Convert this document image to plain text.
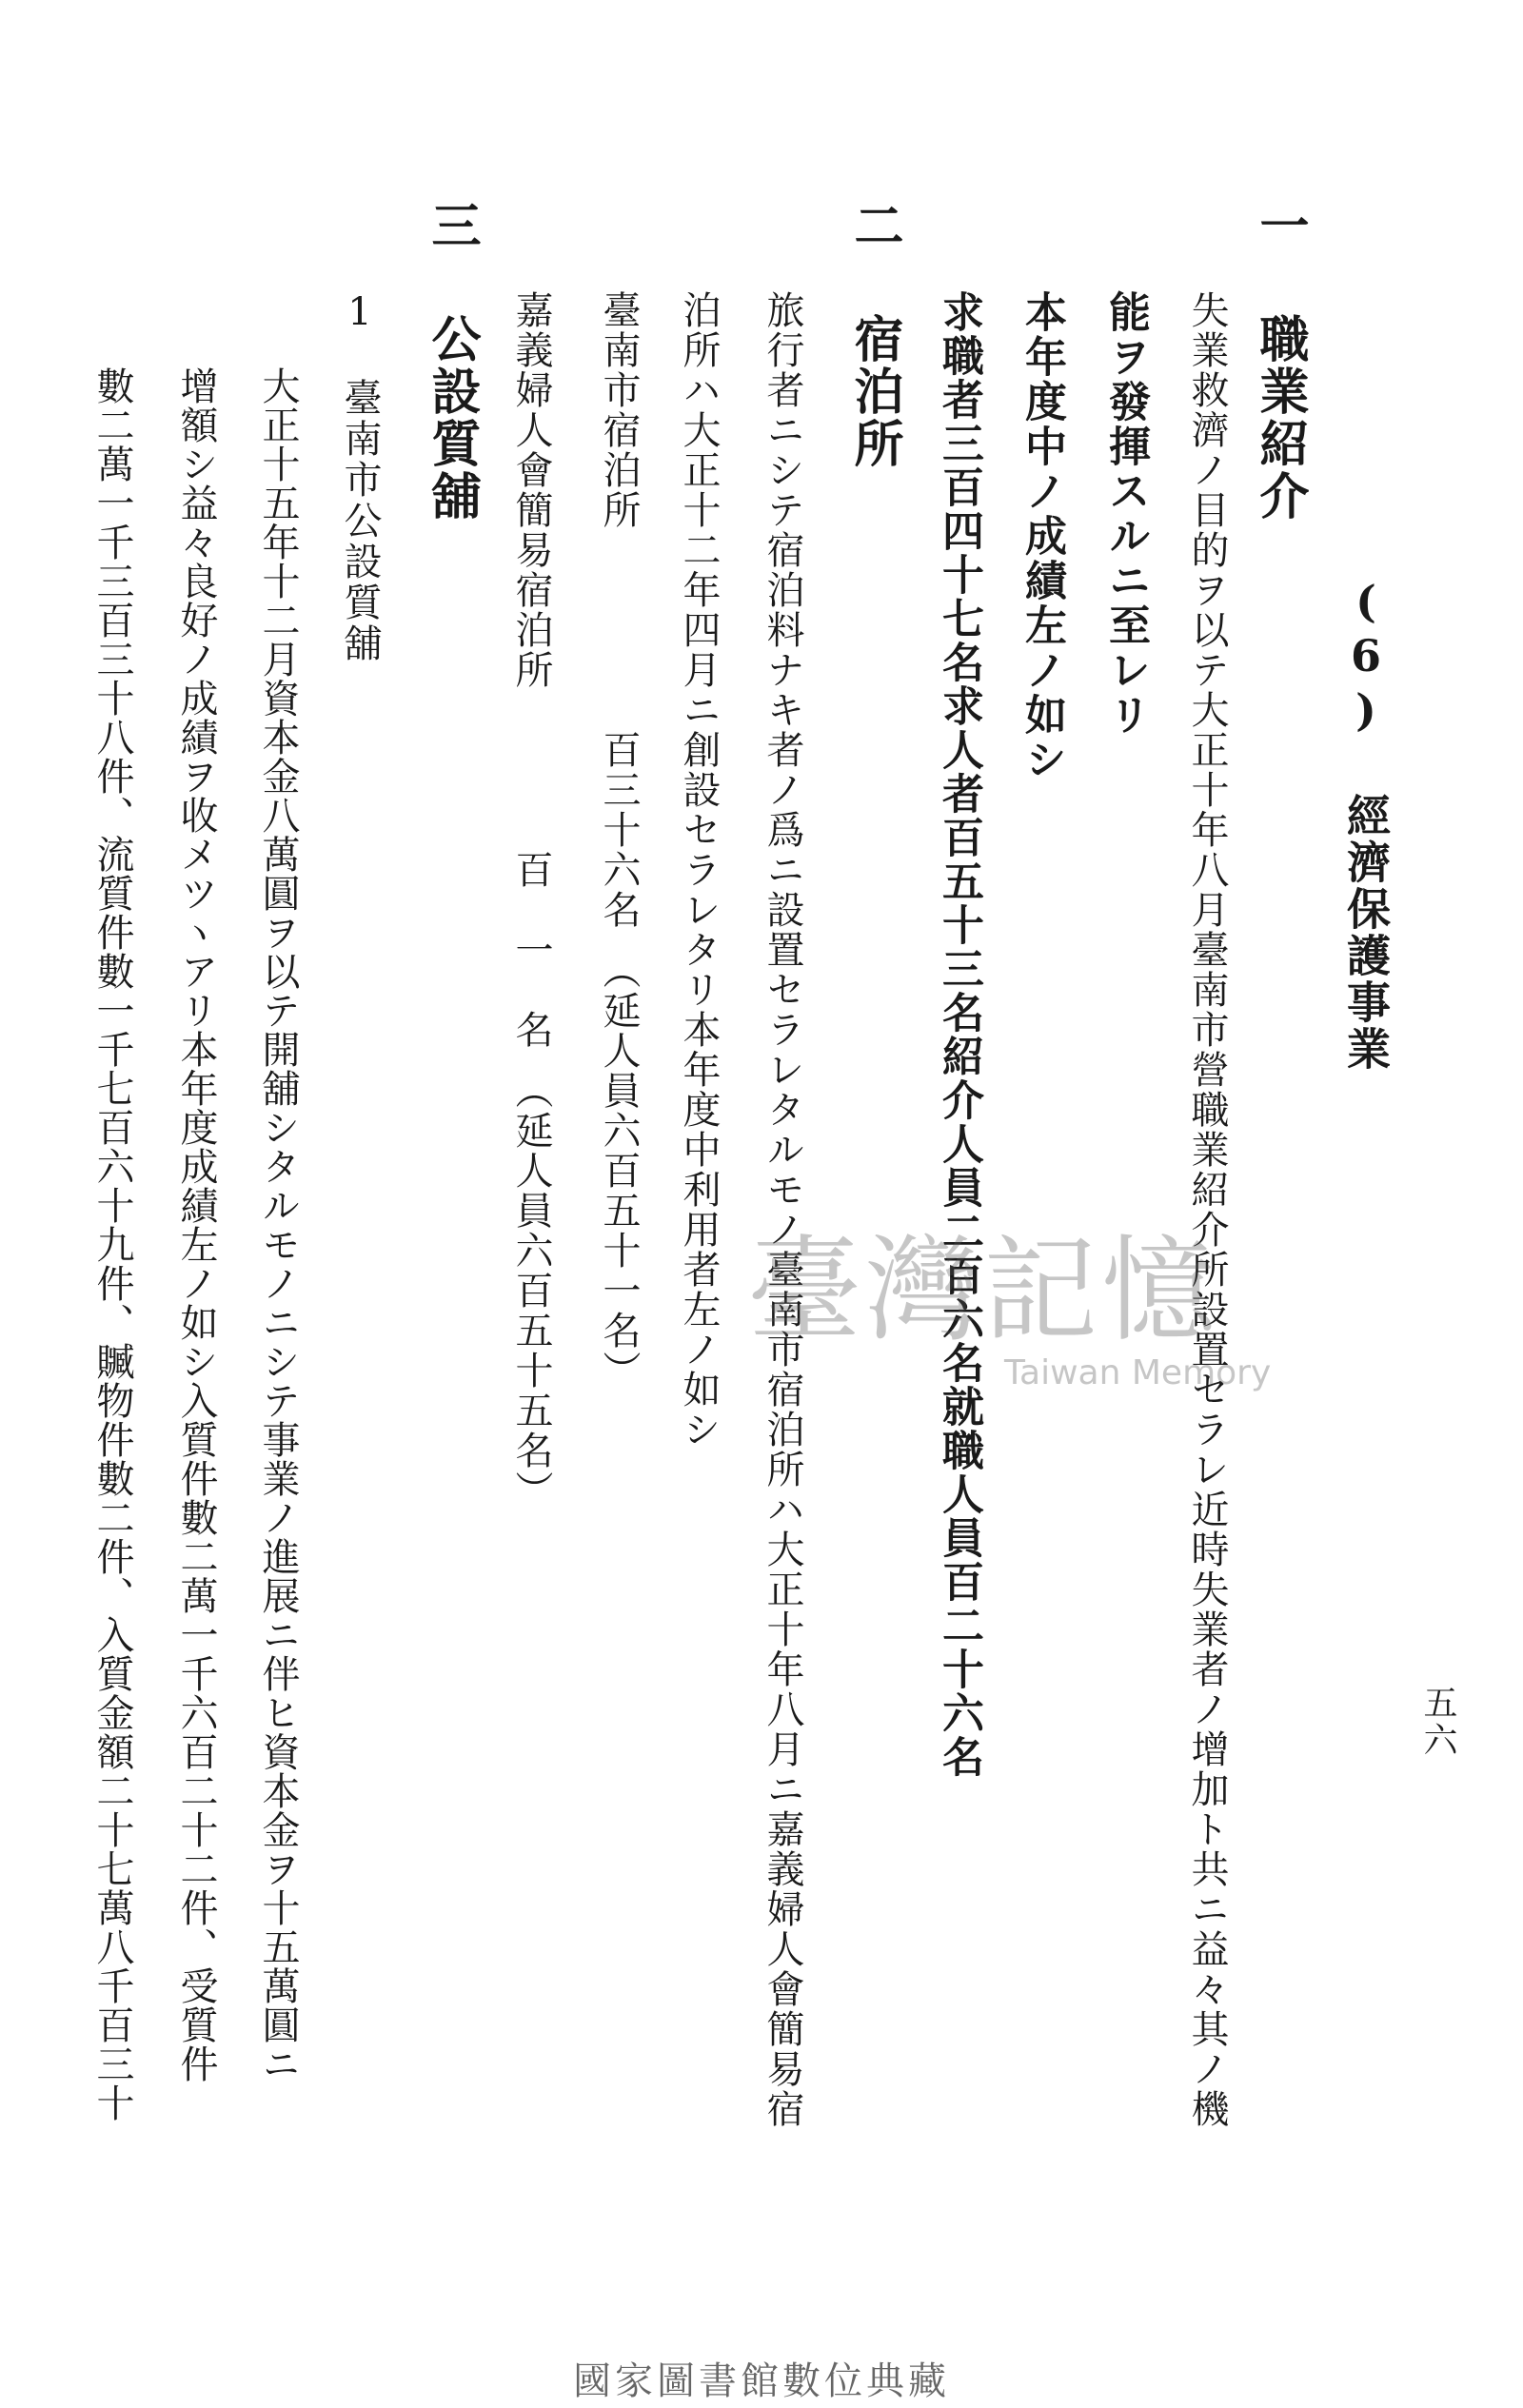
五六
(6) 經濟保護事業
一 職業紹介
失業救濟ノ目的ヲ以テ大正十年八月臺南市營職業紹介所設置セラレ近時失業者ノ增加ト共ニ益々其ノ機
能ヲ發揮スルニ至レリ
本年度中ノ成績左ノ如シ
求職者三百四十七名求人者百五十三名紹介人員二百六名就職人員百二十六名
二 宿泊所
旅行者ニシテ宿泊料ナキ者ノ爲ニ設置セラレタルモノ臺南市宿泊所ハ大正十年八月ニ嘉義婦人會簡易宿
泊所ハ大正十二年四月ニ創設セラレタリ本年度中利用者左ノ如シ
臺南市宿泊所　　　　　百三十六名　（延人員六百五十一名）
嘉義婦人會簡易宿泊所　　　　百　一　名　（延人員六百五十五名）
三 公設質舖
1　臺南市公設質舖
大正十五年十二月資本金八萬圓ヲ以テ開舖シタルモノニシテ事業ノ進展ニ伴ヒ資本金ヲ十五萬圓ニ
增額シ益々良好ノ成績ヲ收メツヽアリ本年度成績左ノ如シ入質件數二萬一千六百二十二件、受質件
數二萬一千三百三十八件、流質件數一千七百六十九件、贓物件數二件、入質金額二十七萬八千百三十	臺灣記憶
Taiwan Memory
國家圖書館數位典藏
